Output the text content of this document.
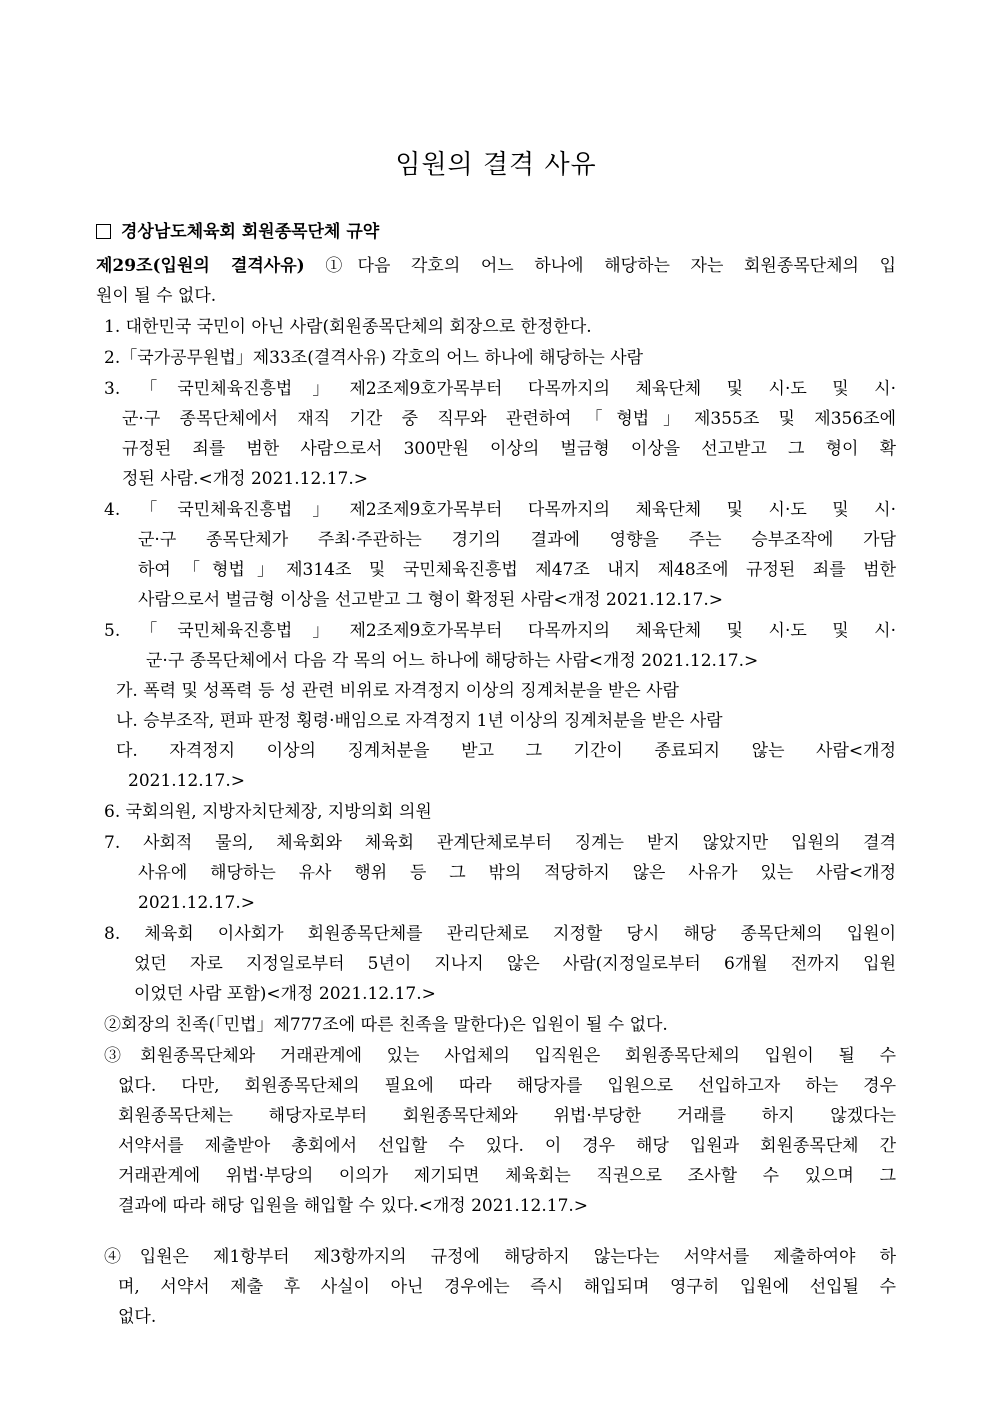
임원의 결격 사유
경상남도체육회 회원종목단체 규약
제29조(입원의 결격사유) ①다음 각호의 어느 하나에 해당하는 자는 회원종목단체의 입
원이 될 수 없다.
1. 대한민국 국민이 아닌 사람(회원종목단체의 회장으로 한정한다.
2.「국가공무원법」제33조(결격사유) 각호의 어느 하나에 해당하는 사람
3.「국민체육진흥법」제2조제9호가목부터 다목까지의 체육단체 및 시·도 및 시·
군·구 종목단체에서 재직 기간 중 직무와 관련하여「형법」제355조 및 제356조에
규정된 죄를 범한 사람으로서 300만원 이상의 벌금형 이상을 선고받고 그 형이 확
정된 사람.<개정 2021.12.17.>
4.「국민체육진흥법」제2조제9호가목부터 다목까지의 체육단체 및 시·도 및 시·
군·구 종목단체가 주최·주관하는 경기의 결과에 영향을 주는 승부조작에 가담
하여「형법」제314조 및 국민체육진흥법 제47조 내지 제48조에 규정된 죄를 범한
사람으로서 벌금형 이상을 선고받고 그 형이 확정된 사람<개정 2021.12.17.>
5.「국민체육진흥법」제2조제9호가목부터 다목까지의 체육단체 및 시·도 및 시·
군·구 종목단체에서 다음 각 목의 어느 하나에 해당하는 사람<개정 2021.12.17.>
가. 폭력 및 성폭력 등 성 관련 비위로 자격정지 이상의 징계처분을 받은 사람
나. 승부조작, 편파 판정 횡령·배임으로 자격정지 1년 이상의 징계처분을 받은 사람
다. 자격정지 이상의 징계처분을 받고 그 기간이 종료되지 않는 사람<개정
2021.12.17.>
6. 국회의원, 지방자치단체장, 지방의회 의원
7. 사회적 물의, 체육회와 체육회 관계단체로부터 징계는 받지 않았지만 입원의 결격
사유에 해당하는 유사 행위 등 그 밖의 적당하지 않은 사유가 있는 사람<개정
2021.12.17.>
8. 체육회 이사회가 회원종목단체를 관리단체로 지정할 당시 해당 종목단체의 입원이
었던 자로 지정일로부터 5년이 지나지 않은 사람(지정일로부터 6개월 전까지 입원
이었던 사람 포함)<개정 2021.12.17.>
②회장의 친족(「민법」제777조에 따른 친족을 말한다)은 입원이 될 수 없다.
③회원종목단체와 거래관계에 있는 사업체의 입직원은 회원종목단체의 입원이 될 수
없다. 다만, 회원종목단체의 필요에 따라 해당자를 입원으로 선입하고자 하는 경우
회원종목단체는 해당자로부터 회원종목단체와 위법·부당한 거래를 하지 않겠다는
서약서를 제출받아 총회에서 선입할 수 있다. 이 경우 해당 입원과 회원종목단체 간
거래관계에 위법·부당의 이의가 제기되면 체육회는 직권으로 조사할 수 있으며 그
결과에 따라 해당 입원을 해입할 수 있다.<개정 2021.12.17.>
④입원은 제1항부터 제3항까지의 규정에 해당하지 않는다는 서약서를 제출하여야 하
며, 서약서 제출 후 사실이 아닌 경우에는 즉시 해입되며 영구히 입원에 선입될 수
없다.
